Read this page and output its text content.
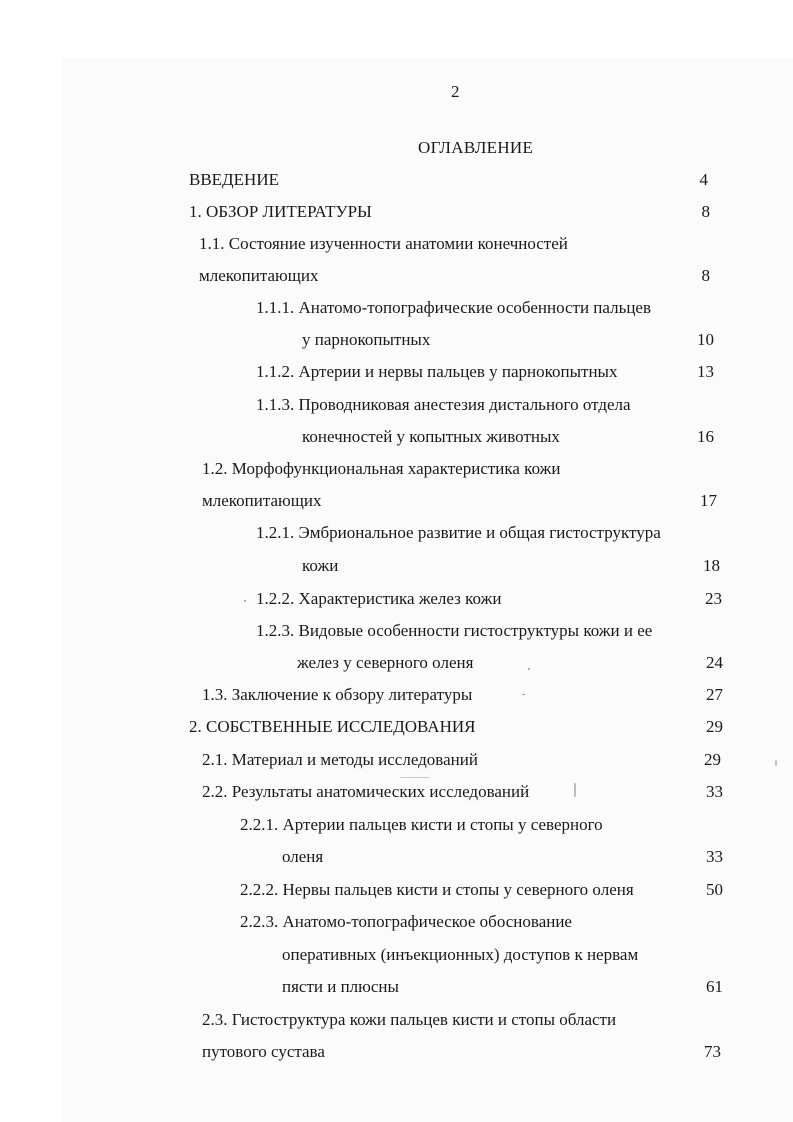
2
ОГЛАВЛЕНИЕ
ВВЕДЕНИЕ	4
1. ОБЗОР ЛИТЕРАТУРЫ	8
1.1. Состояние изученности анатомии конечностей
млекопитающих	8
1.1.1. Анатомо-топографические особенности пальцев
у парнокопытных	10
1.1.2. Артерии и нервы пальцев у парнокопытных	13
1.1.3. Проводниковая анестезия дистального отдела
конечностей у копытных животных	16
1.2. Морфофункциональная характеристика кожи
млекопитающих	17
1.2.1. Эмбриональное развитие и общая гистоструктура
кожи	18
1.2.2. Характеристика желез кожи	23
1.2.3. Видовые особенности гистоструктуры кожи и ее
желез у северного оленя	24
1.3. Заключение к обзору литературы	27
2. СОБСТВЕННЫЕ ИССЛЕДОВАНИЯ	29
2.1. Материал и методы исследований	29
2.2. Результаты анатомических исследований	33
2.2.1. Артерии пальцев кисти и стопы у северного
оленя	33
2.2.2. Нервы пальцев кисти и стопы у северного оленя	50
2.2.3. Анатомо-топографическое обоснование
оперативных (инъекционных) доступов к нервам
пясти и плюсны	61
2.3. Гистоструктура кожи пальцев кисти и стопы области
путового сустава	73
